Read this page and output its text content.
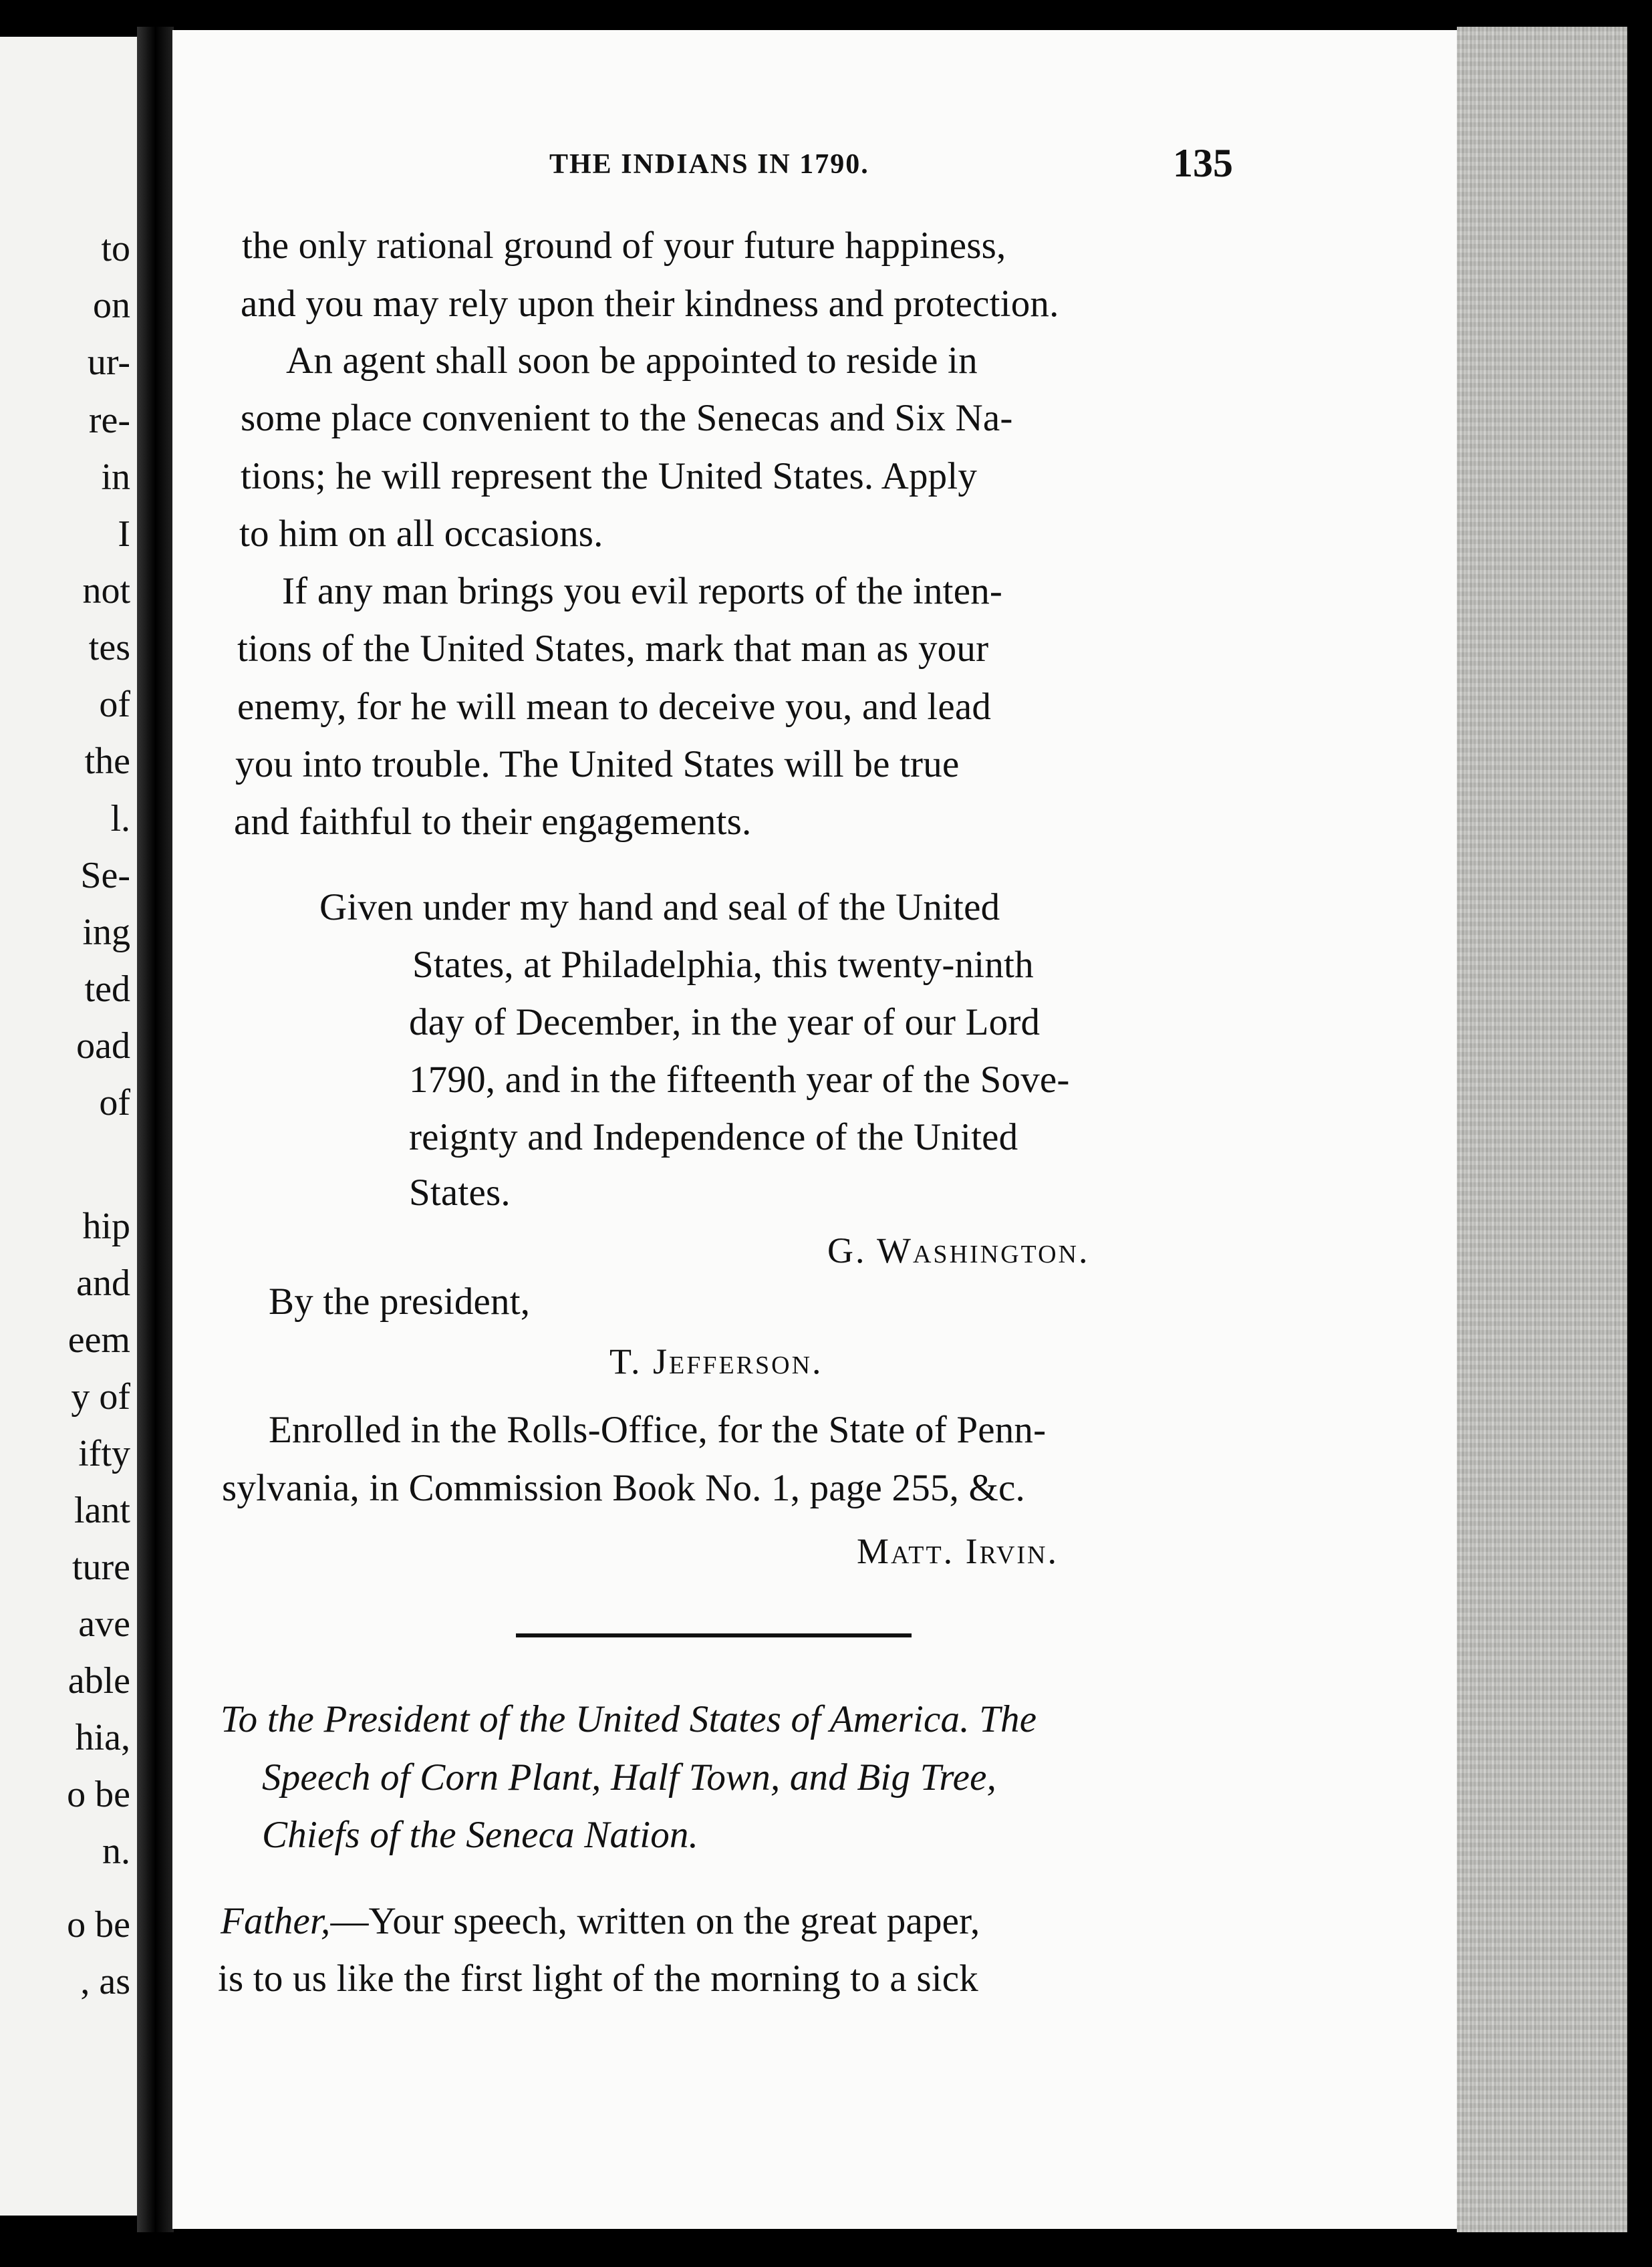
to
on
ur-
re-
in
I
not
tes
of
the
l.
Se-
ing
ted
oad
of
hip
and
eem
y of
ifty
lant
ture
ave
able
hia,
o be
n.
o be
, as
THE INDIANS IN 1790.	135
the only rational ground of your future happiness,
and you may rely upon their kindness and protection.
An agent shall soon be appointed to reside in
some place convenient to the Senecas and Six Na-
tions; he will represent the United States. Apply
to him on all occasions.
If any man brings you evil reports of the inten-
tions of the United States, mark that man as your
enemy, for he will mean to deceive you, and lead
you into trouble. The United States will be true
and faithful to their engagements.
Given under my hand and seal of the United
States, at Philadelphia, this twenty-ninth
day of December, in the year of our Lord
1790, and in the fifteenth year of the Sove-
reignty and Independence of the United
States.
G. Washington.
By the president,
T. Jefferson.
Enrolled in the Rolls-Office, for the State of Penn-
sylvania, in Commission Book No. 1, page 255, &c.
Matt. Irvin.
To the President of the United States of America. The
Speech of Corn Plant, Half Town, and Big Tree,
Chiefs of the Seneca Nation.
Father,—Your speech, written on the great paper,
is to us like the first light of the morning to a sick
